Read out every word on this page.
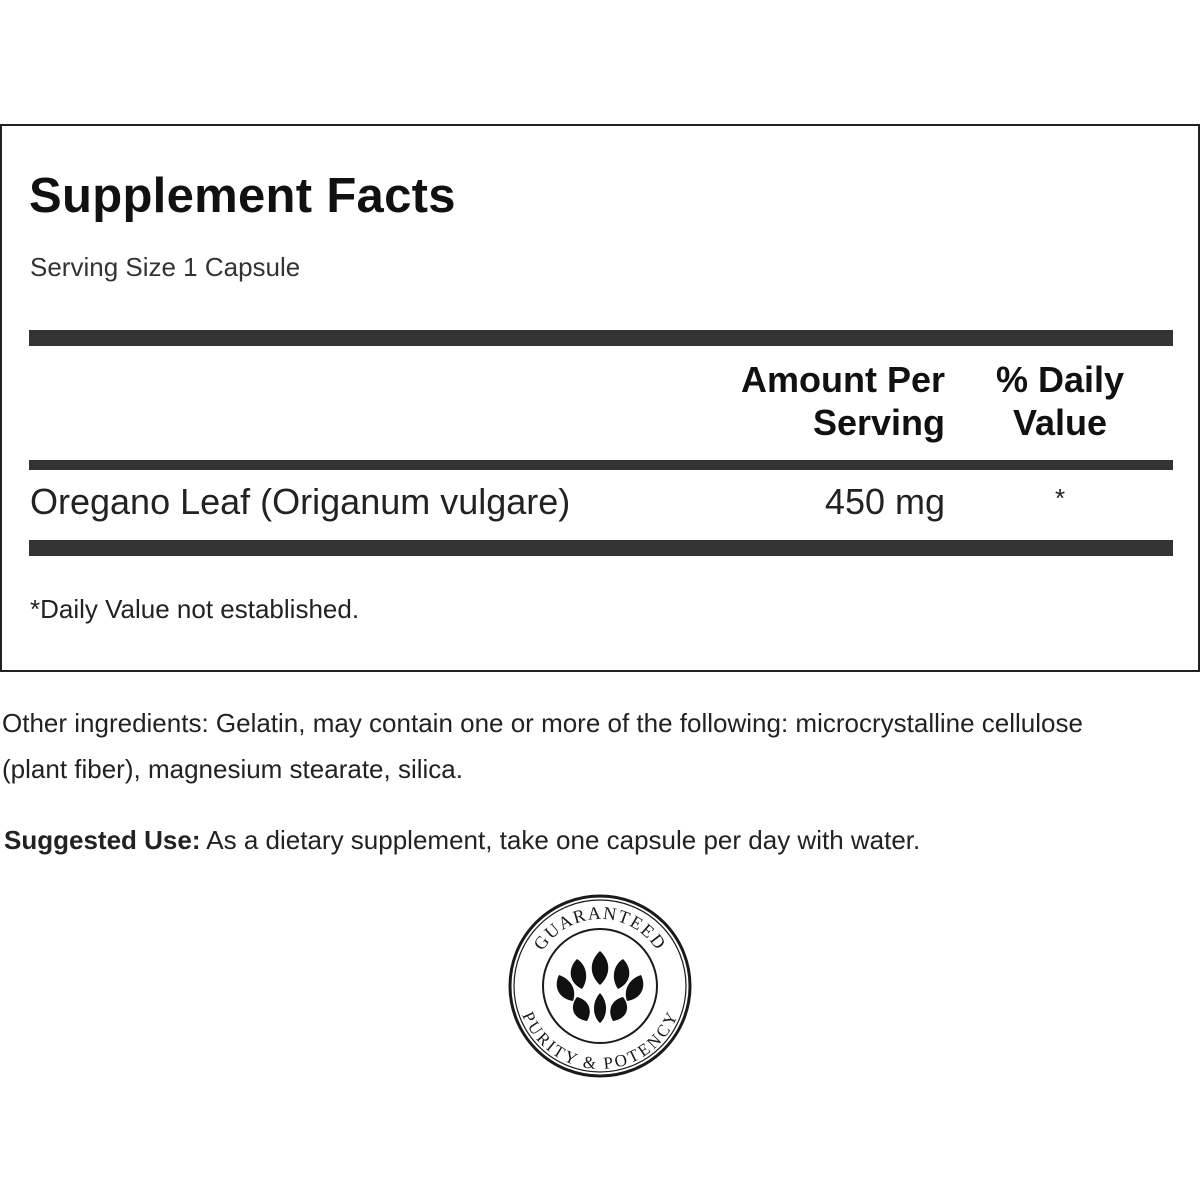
Supplement Facts
Serving Size 1 Capsule
Amount Per
Serving
% Daily
Value
Oregano Leaf (Origanum vulgare)	450 mg	*
*Daily Value not established.
Other ingredients: Gelatin, may contain one or more of the following: microcrystalline cellulose (plant fiber), magnesium stearate, silica.
Suggested Use: As a dietary supplement, take one capsule per day with water.
GUARANTEED
PURITY & POTENCY
